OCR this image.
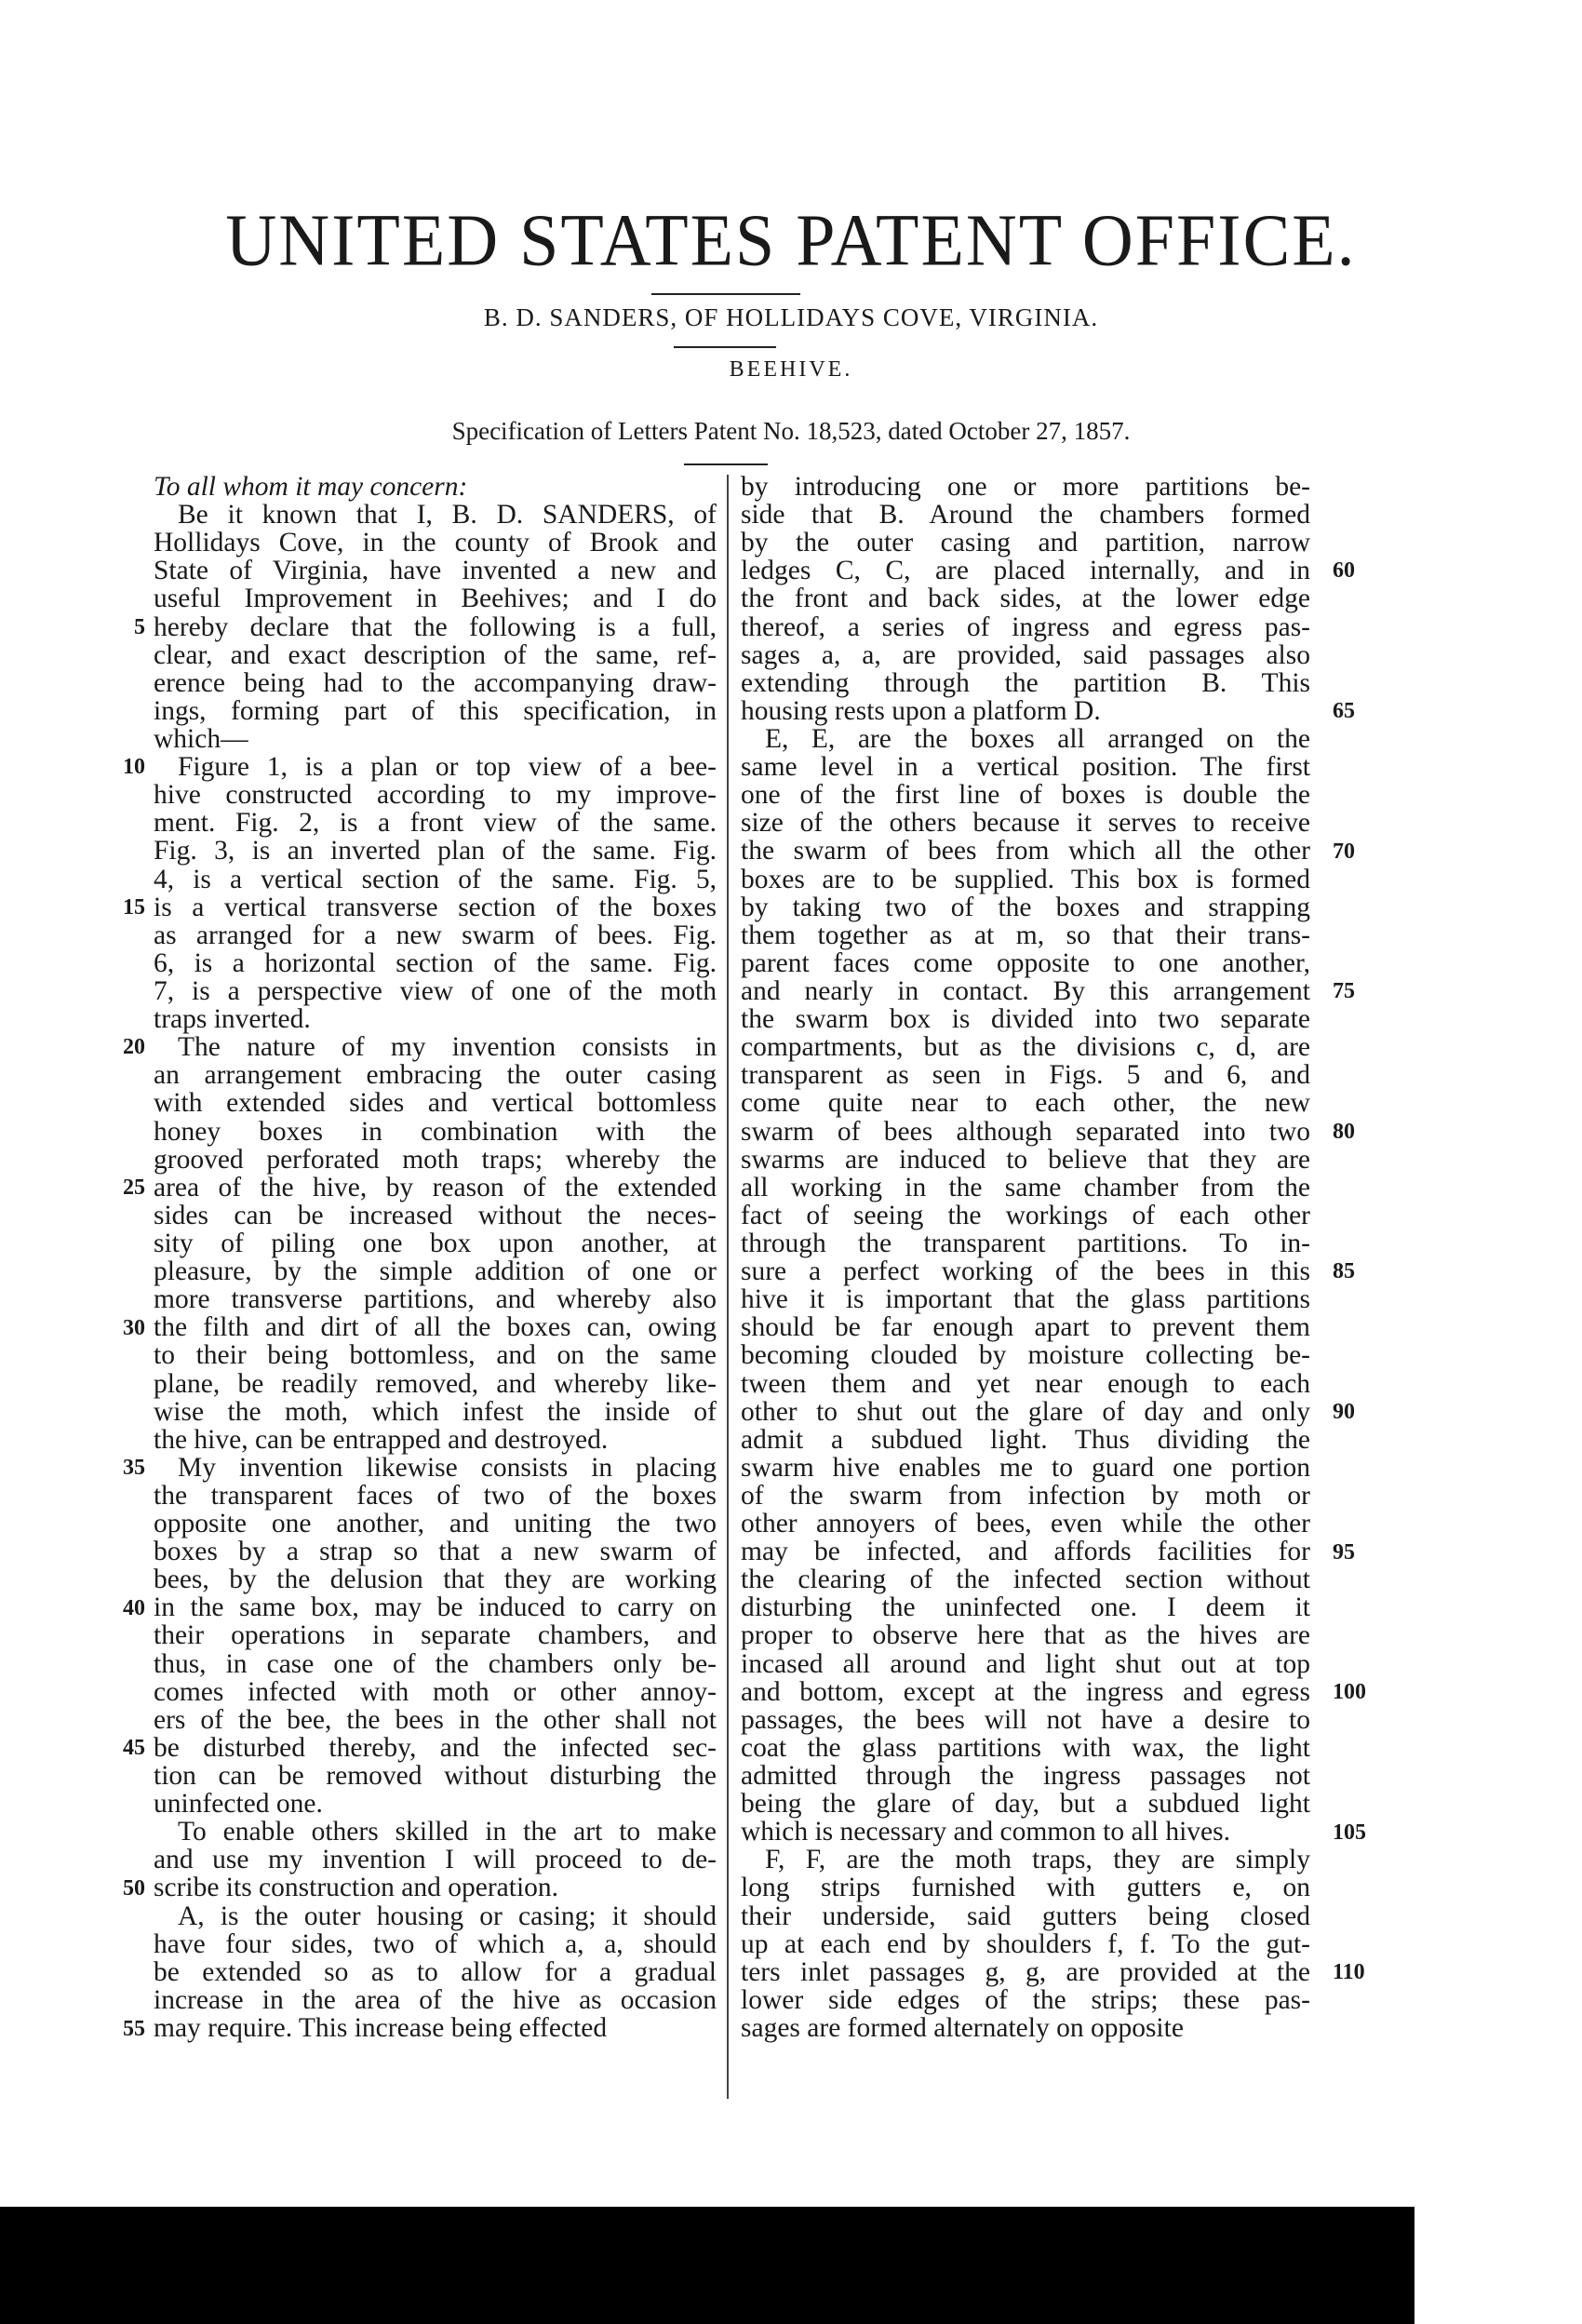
UNITED STATES PATENT OFFICE.
B. D. SANDERS, OF HOLLIDAYS COVE, VIRGINIA.
BEEHIVE.
Specification of Letters Patent No. 18,523, dated October 27, 1857.
To all whom it may concern:
Be it known that I, B. D. SANDERS, of
Hollidays Cove, in the county of Brook and
State of Virginia, have invented a new and
useful Improvement in Beehives; and I do
hereby declare that the following is a full,
clear, and exact description of the same, ref-
erence being had to the accompanying draw-
ings, forming part of this specification, in
which—
Figure 1, is a plan or top view of a bee-
hive constructed according to my improve-
ment. Fig. 2, is a front view of the same.
Fig. 3, is an inverted plan of the same. Fig.
4, is a vertical section of the same. Fig. 5,
is a vertical transverse section of the boxes
as arranged for a new swarm of bees. Fig.
6, is a horizontal section of the same. Fig.
7, is a perspective view of one of the moth
traps inverted.
The nature of my invention consists in
an arrangement embracing the outer casing
with extended sides and vertical bottomless
honey boxes in combination with the
grooved perforated moth traps; whereby the
area of the hive, by reason of the extended
sides can be increased without the neces-
sity of piling one box upon another, at
pleasure, by the simple addition of one or
more transverse partitions, and whereby also
the filth and dirt of all the boxes can, owing
to their being bottomless, and on the same
plane, be readily removed, and whereby like-
wise the moth, which infest the inside of
the hive, can be entrapped and destroyed.
My invention likewise consists in placing
the transparent faces of two of the boxes
opposite one another, and uniting the two
boxes by a strap so that a new swarm of
bees, by the delusion that they are working
in the same box, may be induced to carry on
their operations in separate chambers, and
thus, in case one of the chambers only be-
comes infected with moth or other annoy-
ers of the bee, the bees in the other shall not
be disturbed thereby, and the infected sec-
tion can be removed without disturbing the
uninfected one.
To enable others skilled in the art to make
and use my invention I will proceed to de-
scribe its construction and operation.
A, is the outer housing or casing; it should
have four sides, two of which a, a, should
be extended so as to allow for a gradual
increase in the area of the hive as occasion
may require. This increase being effected
by introducing one or more partitions be-
side that B. Around the chambers formed
by the outer casing and partition, narrow
ledges C, C, are placed internally, and in
the front and back sides, at the lower edge
thereof, a series of ingress and egress pas-
sages a, a, are provided, said passages also
extending through the partition B. This
housing rests upon a platform D.
E, E, are the boxes all arranged on the
same level in a vertical position. The first
one of the first line of boxes is double the
size of the others because it serves to receive
the swarm of bees from which all the other
boxes are to be supplied. This box is formed
by taking two of the boxes and strapping
them together as at m, so that their trans-
parent faces come opposite to one another,
and nearly in contact. By this arrangement
the swarm box is divided into two separate
compartments, but as the divisions c, d, are
transparent as seen in Figs. 5 and 6, and
come quite near to each other, the new
swarm of bees although separated into two
swarms are induced to believe that they are
all working in the same chamber from the
fact of seeing the workings of each other
through the transparent partitions. To in-
sure a perfect working of the bees in this
hive it is important that the glass partitions
should be far enough apart to prevent them
becoming clouded by moisture collecting be-
tween them and yet near enough to each
other to shut out the glare of day and only
admit a subdued light. Thus dividing the
swarm hive enables me to guard one portion
of the swarm from infection by moth or
other annoyers of bees, even while the other
may be infected, and affords facilities for
the clearing of the infected section without
disturbing the uninfected one. I deem it
proper to observe here that as the hives are
incased all around and light shut out at top
and bottom, except at the ingress and egress
passages, the bees will not have a desire to
coat the glass partitions with wax, the light
admitted through the ingress passages not
being the glare of day, but a subdued light
which is necessary and common to all hives.
F, F, are the moth traps, they are simply
long strips furnished with gutters e, on
their underside, said gutters being closed
up at each end by shoulders f, f. To the gut-
ters inlet passages g, g, are provided at the
lower side edges of the strips; these pas-
sages are formed alternately on opposite
5
10
15
20
25
30
35
40
45
50
55
60
65
70
75
80
85
90
95
100
105
110
